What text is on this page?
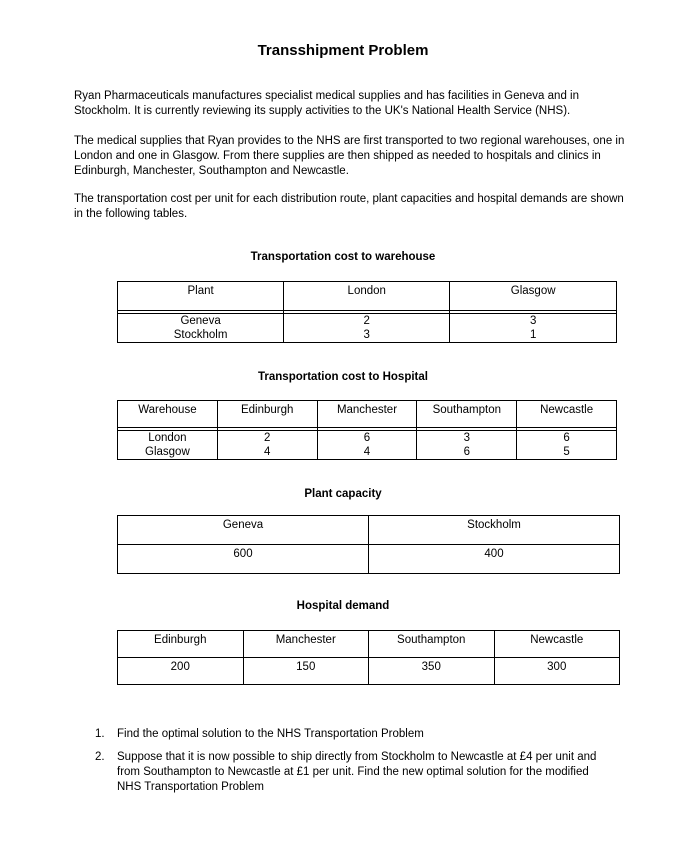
Transshipment Problem
Ryan Pharmaceuticals manufactures specialist medical supplies and has facilities in Geneva and in Stockholm. It is currently reviewing its supply activities to the UK's National Health Service (NHS).
The medical supplies that Ryan provides to the NHS are first transported to two regional warehouses, one in London and one in Glasgow. From there supplies are then shipped as needed to hospitals and clinics in Edinburgh, Manchester, Southampton and Newcastle.
The transportation cost per unit for each distribution route, plant capacities and hospital demands are shown in the following tables.
Transportation cost to warehouse
Plant	London	Glasgow

Geneva	2	3
Stockholm	3	1
Transportation cost to Hospital
Warehouse	Edinburgh	Manchester	Southampton	Newcastle

London	2	6	3	6
Glasgow	4	4	6	5
Plant capacity
Geneva	Stockholm
600	400
Hospital demand
Edinburgh	Manchester	Southampton	Newcastle
200	150	350	300
1.	Find the optimal solution to the NHS Transportation Problem
2.	Suppose that it is now possible to ship directly from Stockholm to Newcastle at £4 per unit and from Southampton to Newcastle at £1 per unit. Find the new optimal solution for the modified NHS Transportation Problem
